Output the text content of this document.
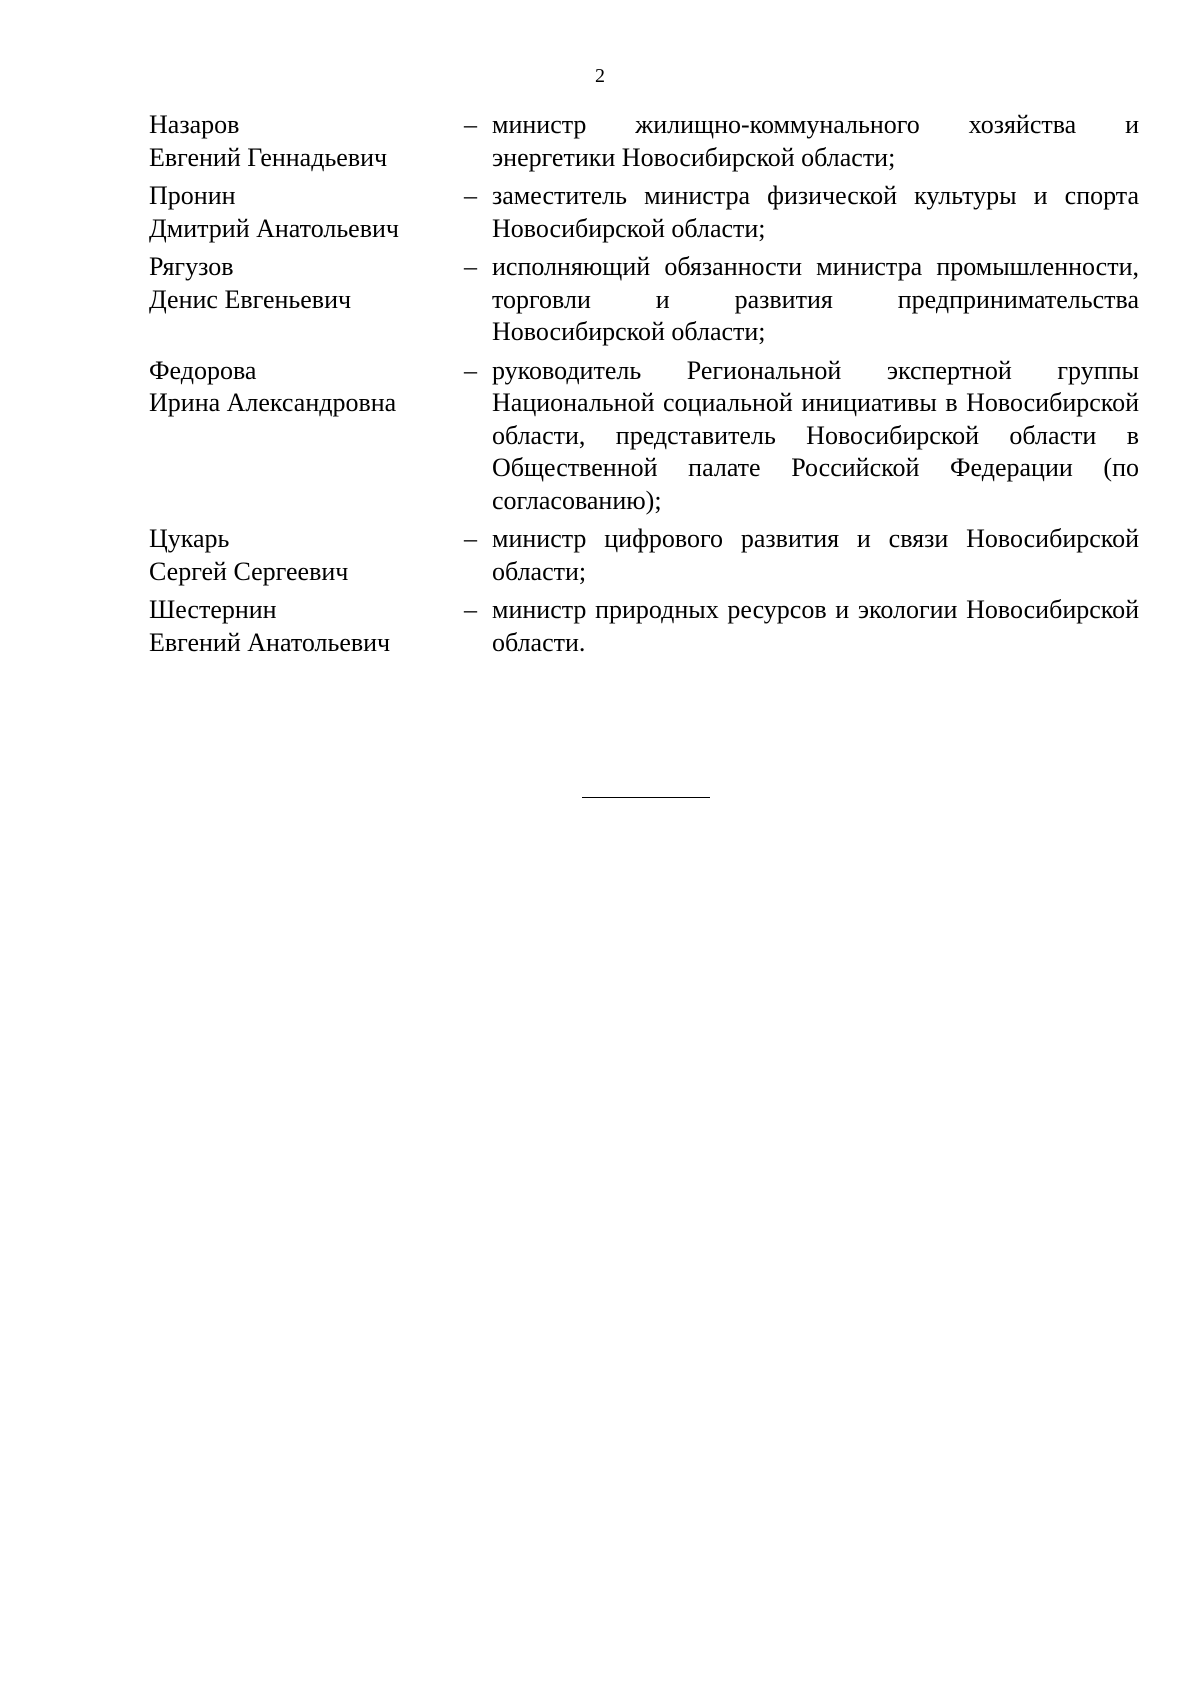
2
Назаров
Евгений Геннадьевич
– министр жилищно-коммунального хозяйства и энергетики Новосибирской области;
Пронин
Дмитрий Анатольевич
– заместитель министра физической культуры и спорта Новосибирской области;
Рягузов
Денис Евгеньевич
– исполняющий обязанности министра промышленности, торговли и развития предпринимательства Новосибирской области;
Федорова
Ирина Александровна
– руководитель Региональной экспертной группы Национальной социальной инициативы в Новосибирской области, представитель Новосибирской области в Общественной палате Российской Федерации (по согласованию);
Цукарь
Сергей Сергеевич
– министр цифрового развития и связи Новосибирской области;
Шестернин
Евгений Анатольевич
– министр природных ресурсов и экологии Новосибирской области.
